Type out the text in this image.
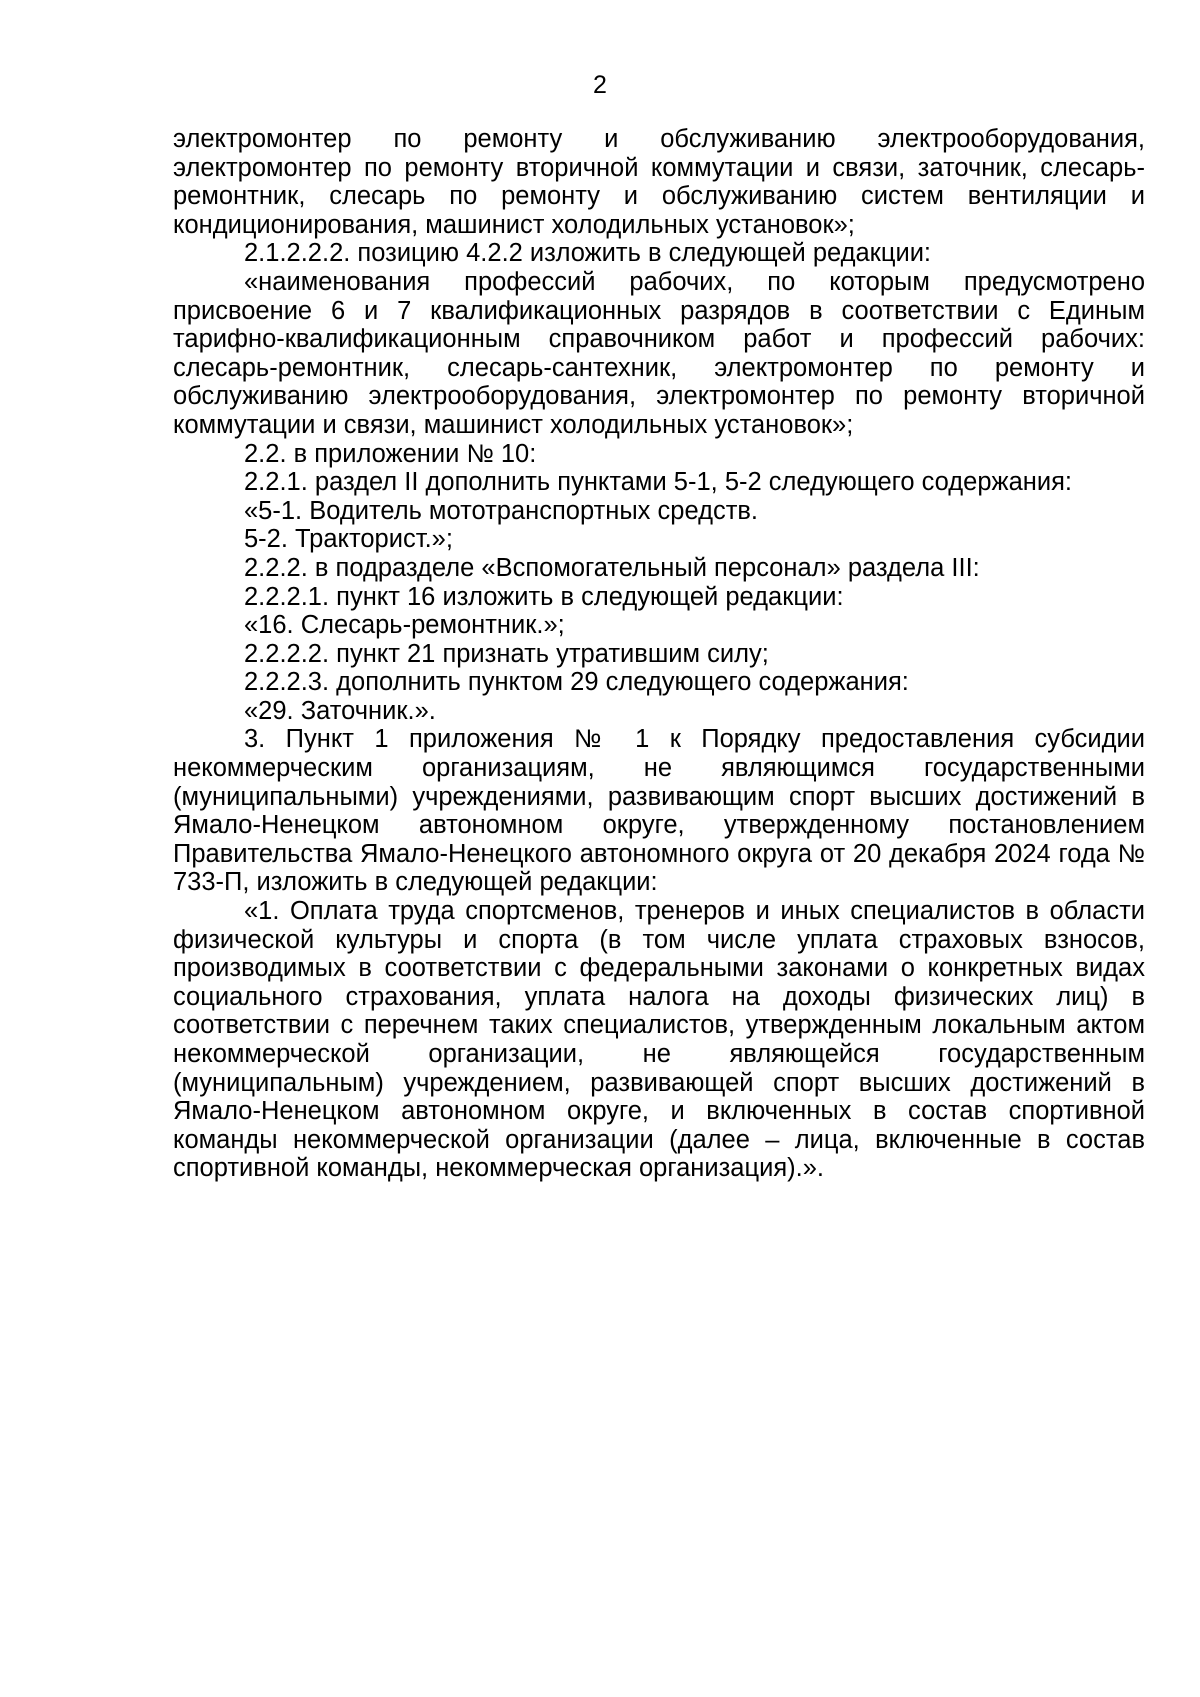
2

электромонтер по ремонту и обслуживанию электрооборудования, электромонтер по ремонту вторичной коммутации и связи, заточник, слесарь-ремонтник, слесарь по ремонту и обслуживанию систем вентиляции и кондиционирования, машинист холодильных установок»;

2.1.2.2.2. позицию 4.2.2 изложить в следующей редакции:

«наименования профессий рабочих, по которым предусмотрено присвоение 6 и 7 квалификационных разрядов в соответствии с Единым тарифно-квалификационным справочником работ и профессий рабочих: слесарь-ремонтник, слесарь-сантехник, электромонтер по ремонту и обслуживанию электрооборудования, электромонтер по ремонту вторичной коммутации и связи, машинист холодильных установок»;

2.2. в приложении № 10:

2.2.1. раздел II дополнить пунктами 5-1, 5-2 следующего содержания:

«5-1. Водитель мототранспортных средств.

5-2. Тракторист.»;

2.2.2. в подразделе «Вспомогательный персонал» раздела III:

2.2.2.1. пункт 16 изложить в следующей редакции:

«16. Слесарь-ремонтник.»;

2.2.2.2. пункт 21 признать утратившим силу;

2.2.2.3. дополнить пунктом 29 следующего содержания:

«29. Заточник.».

3. Пункт 1 приложения № 1 к Порядку предоставления субсидии некоммерческим организациям, не являющимся государственными (муниципальными) учреждениями, развивающим спорт высших достижений в Ямало-Ненецком автономном округе, утвержденному постановлением Правительства Ямало-Ненецкого автономного округа от 20 декабря 2024 года № 733-П, изложить в следующей редакции:

«1. Оплата труда спортсменов, тренеров и иных специалистов в области физической культуры и спорта (в том числе уплата страховых взносов, производимых в соответствии с федеральными законами о конкретных видах социального страхования, уплата налога на доходы физических лиц) в соответствии с перечнем таких специалистов, утвержденным локальным актом некоммерческой организации, не являющейся государственным (муниципальным) учреждением, развивающей спорт высших достижений в Ямало-Ненецком автономном округе, и включенных в состав спортивной команды некоммерческой организации (далее – лица, включенные в состав спортивной команды, некоммерческая организация).».
